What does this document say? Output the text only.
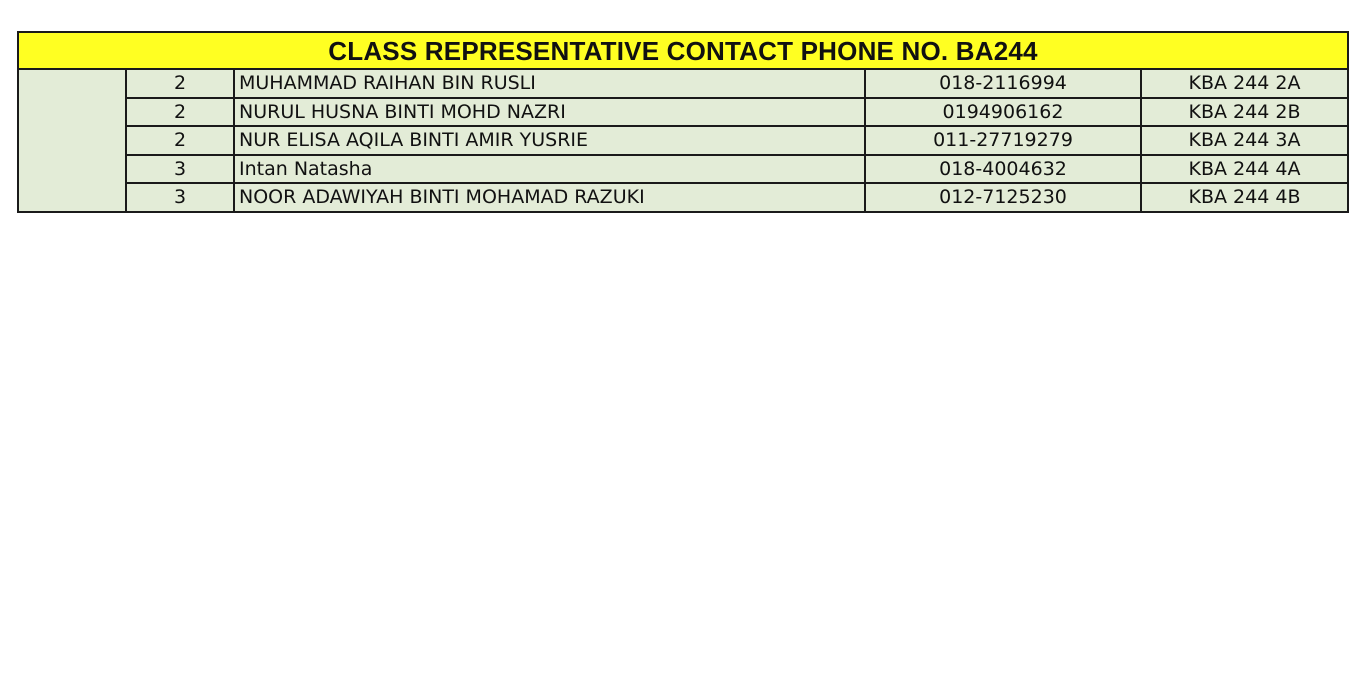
CLASS REPRESENTATIVE CONTACT PHONE NO. BA244				
	2	MUHAMMAD RAIHAN BIN RUSLI	018-2116994	KBA 244 2A
	2	NURUL HUSNA BINTI MOHD NAZRI	0194906162	KBA 244 2B
	2	NUR ELISA AQILA BINTI AMIR YUSRIE	011-27719279	KBA 244 3A
	3	Intan Natasha	018-4004632	KBA 244 4A
	3	NOOR ADAWIYAH BINTI MOHAMAD RAZUKI	012-7125230	KBA 244 4B
